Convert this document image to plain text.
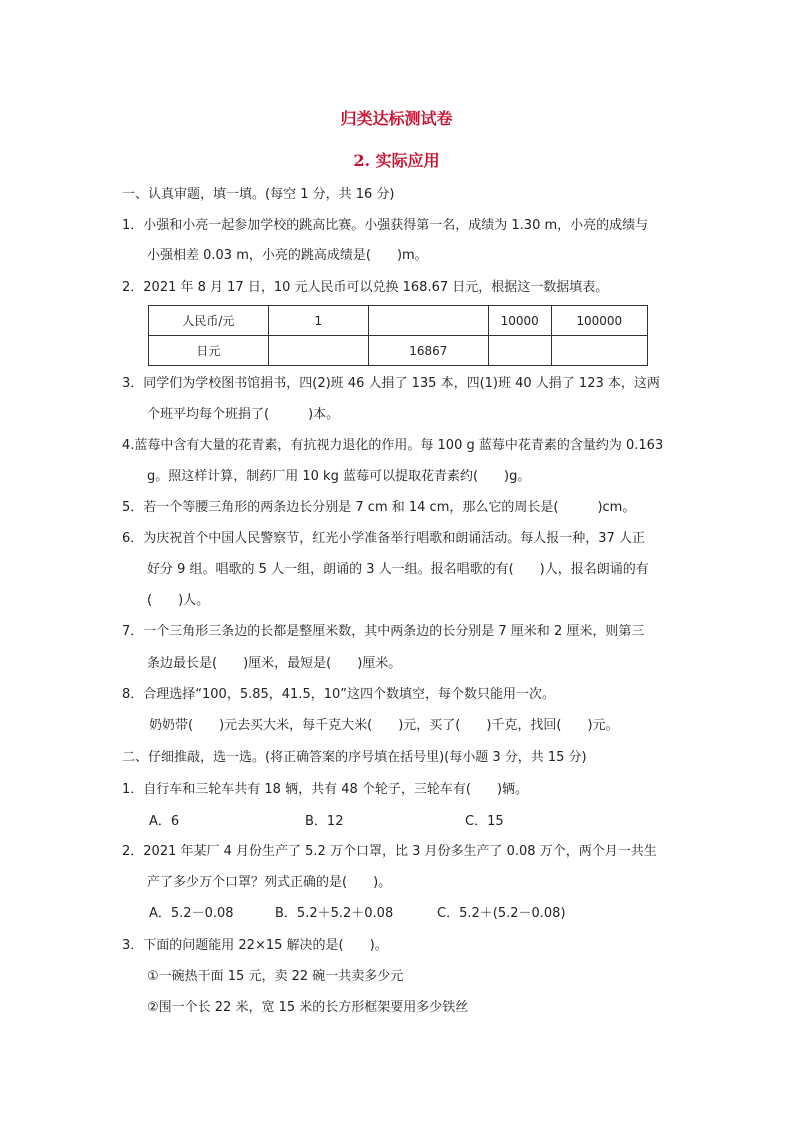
归类达标测试卷
2. 实际应用
一、认真审题，填一填。(每空 1 分，共 16 分)
1．小强和小亮一起参加学校的跳高比赛。小强获得第一名，成绩为 1.30 m，小亮的成绩与
小强相差 0.03 m，小亮的跳高成绩是(　　)m。
2．2021 年 8 月 17 日，10 元人民币可以兑换 168.67 日元，根据这一数据填表。
人民币/元	1		10000	100000
日元		16867		
3．同学们为学校图书馆捐书，四(2)班 46 人捐了 135 本，四(1)班 40 人捐了 123 本，这两
个班平均每个班捐了(　　　)本。
4.蓝莓中含有大量的花青素，有抗视力退化的作用。每 100 g 蓝莓中花青素的含量约为 0.163
g。照这样计算，制药厂用 10 kg 蓝莓可以提取花青素约(　　)g。
5．若一个等腰三角形的两条边长分别是 7 cm 和 14 cm，那么它的周长是(　　　)cm。
6．为庆祝首个中国人民警察节，红光小学准备举行唱歌和朗诵活动。每人报一种，37 人正
好分 9 组。唱歌的 5 人一组，朗诵的 3 人一组。报名唱歌的有(　　)人，报名朗诵的有
(　　)人。
7．一个三角形三条边的长都是整厘米数，其中两条边的长分别是 7 厘米和 2 厘米，则第三
条边最长是(　　)厘米，最短是(　　)厘米。
8．合理选择“100，5.85，41.5，10”这四个数填空，每个数只能用一次。
奶奶带(　　)元去买大米，每千克大米(　　)元，买了(　　)千克，找回(　　)元。
二、仔细推敲，选一选。(将正确答案的序号填在括号里)(每小题 3 分，共 15 分)
1．自行车和三轮车共有 18 辆，共有 48 个轮子，三轮车有(　　)辆。
A．6	B．12	C．15
2．2021 年某厂 4 月份生产了 5.2 万个口罩，比 3 月份多生产了 0.08 万个，两个月一共生
产了多少万个口罩？列式正确的是(　　)。
A．5.2－0.08	B．5.2＋5.2＋0.08	C．5.2＋(5.2－0.08)
3．下面的问题能用 22×15 解决的是(　　)。
①一碗热干面 15 元，卖 22 碗一共卖多少元
②围一个长 22 米，宽 15 米的长方形框架要用多少铁丝
